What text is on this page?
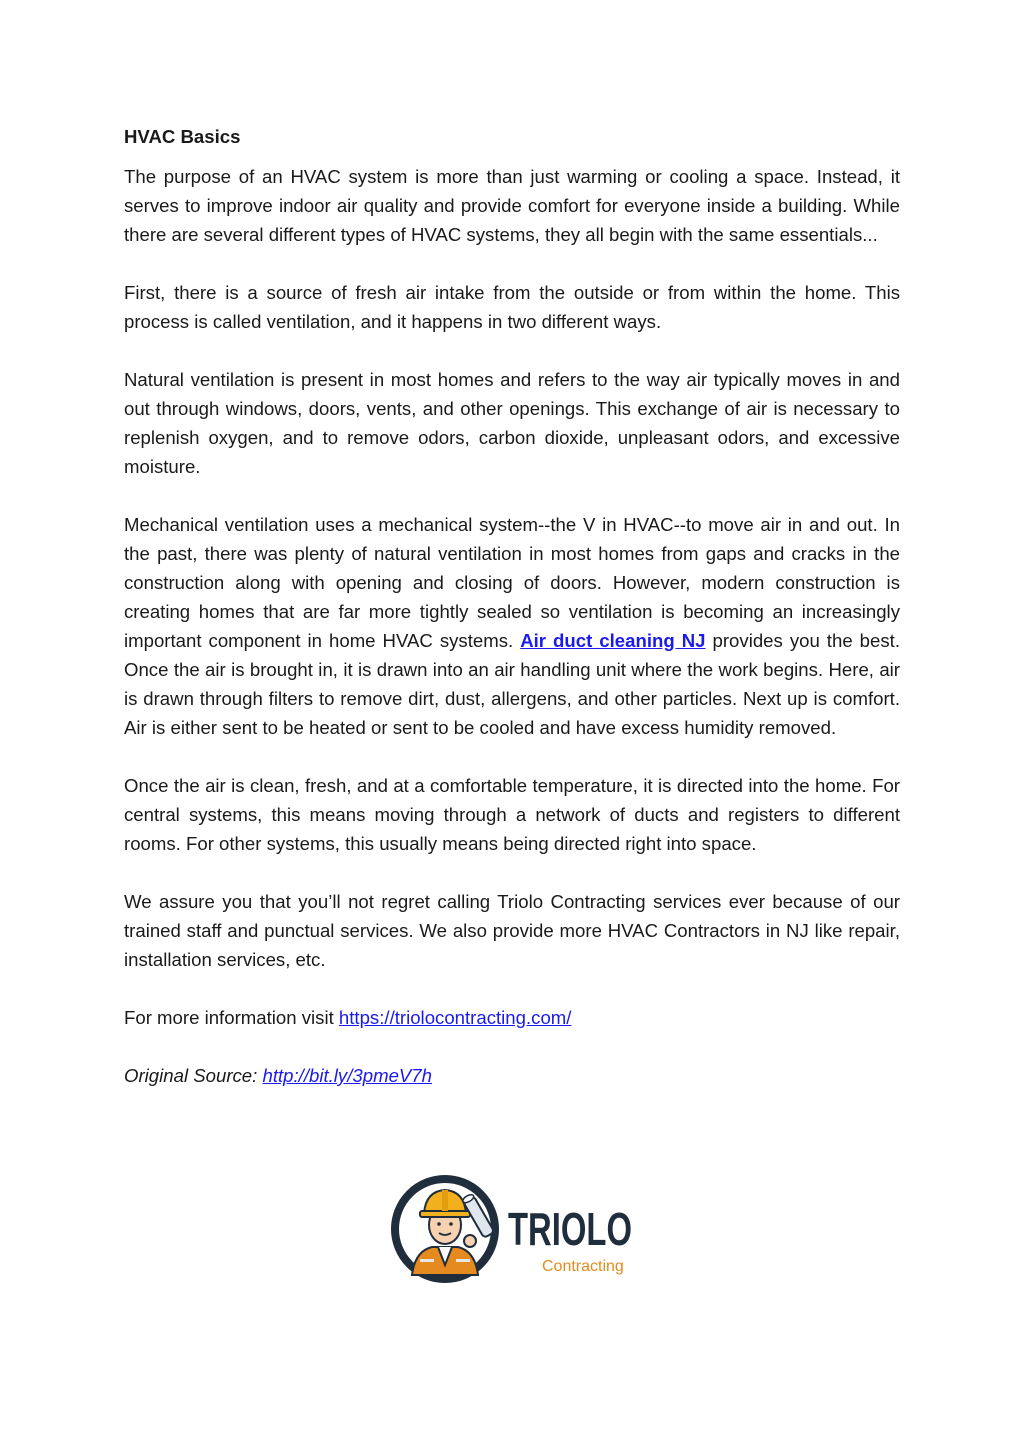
HVAC Basics

The purpose of an HVAC system is more than just warming or cooling a space. Instead, it serves to improve indoor air quality and provide comfort for everyone inside a building. While there are several different types of HVAC systems, they all begin with the same essentials...

First, there is a source of fresh air intake from the outside or from within the home. This process is called ventilation, and it happens in two different ways.

Natural ventilation is present in most homes and refers to the way air typically moves in and out through windows, doors, vents, and other openings. This exchange of air is necessary to replenish oxygen, and to remove odors, carbon dioxide, unpleasant odors, and excessive moisture.

Mechanical ventilation uses a mechanical system--the V in HVAC--to move air in and out. In the past, there was plenty of natural ventilation in most homes from gaps and cracks in the construction along with opening and closing of doors. However, modern construction is creating homes that are far more tightly sealed so ventilation is becoming an increasingly important component in home HVAC systems. Air duct cleaning NJ provides you the best. Once the air is brought in, it is drawn into an air handling unit where the work begins. Here, air is drawn through filters to remove dirt, dust, allergens, and other particles. Next up is comfort. Air is either sent to be heated or sent to be cooled and have excess humidity removed.

Once the air is clean, fresh, and at a comfortable temperature, it is directed into the home. For central systems, this means moving through a network of ducts and registers to different rooms. For other systems, this usually means being directed right into space.

We assure you that you’ll not regret calling Triolo Contracting services ever because of our trained staff and punctual services. We also provide more HVAC Contractors in NJ like repair, installation services, etc.

For more information visit https://triolocontracting.com/

Original Source: http://bit.ly/3pmeV7h

TRIOLO
Contracting
